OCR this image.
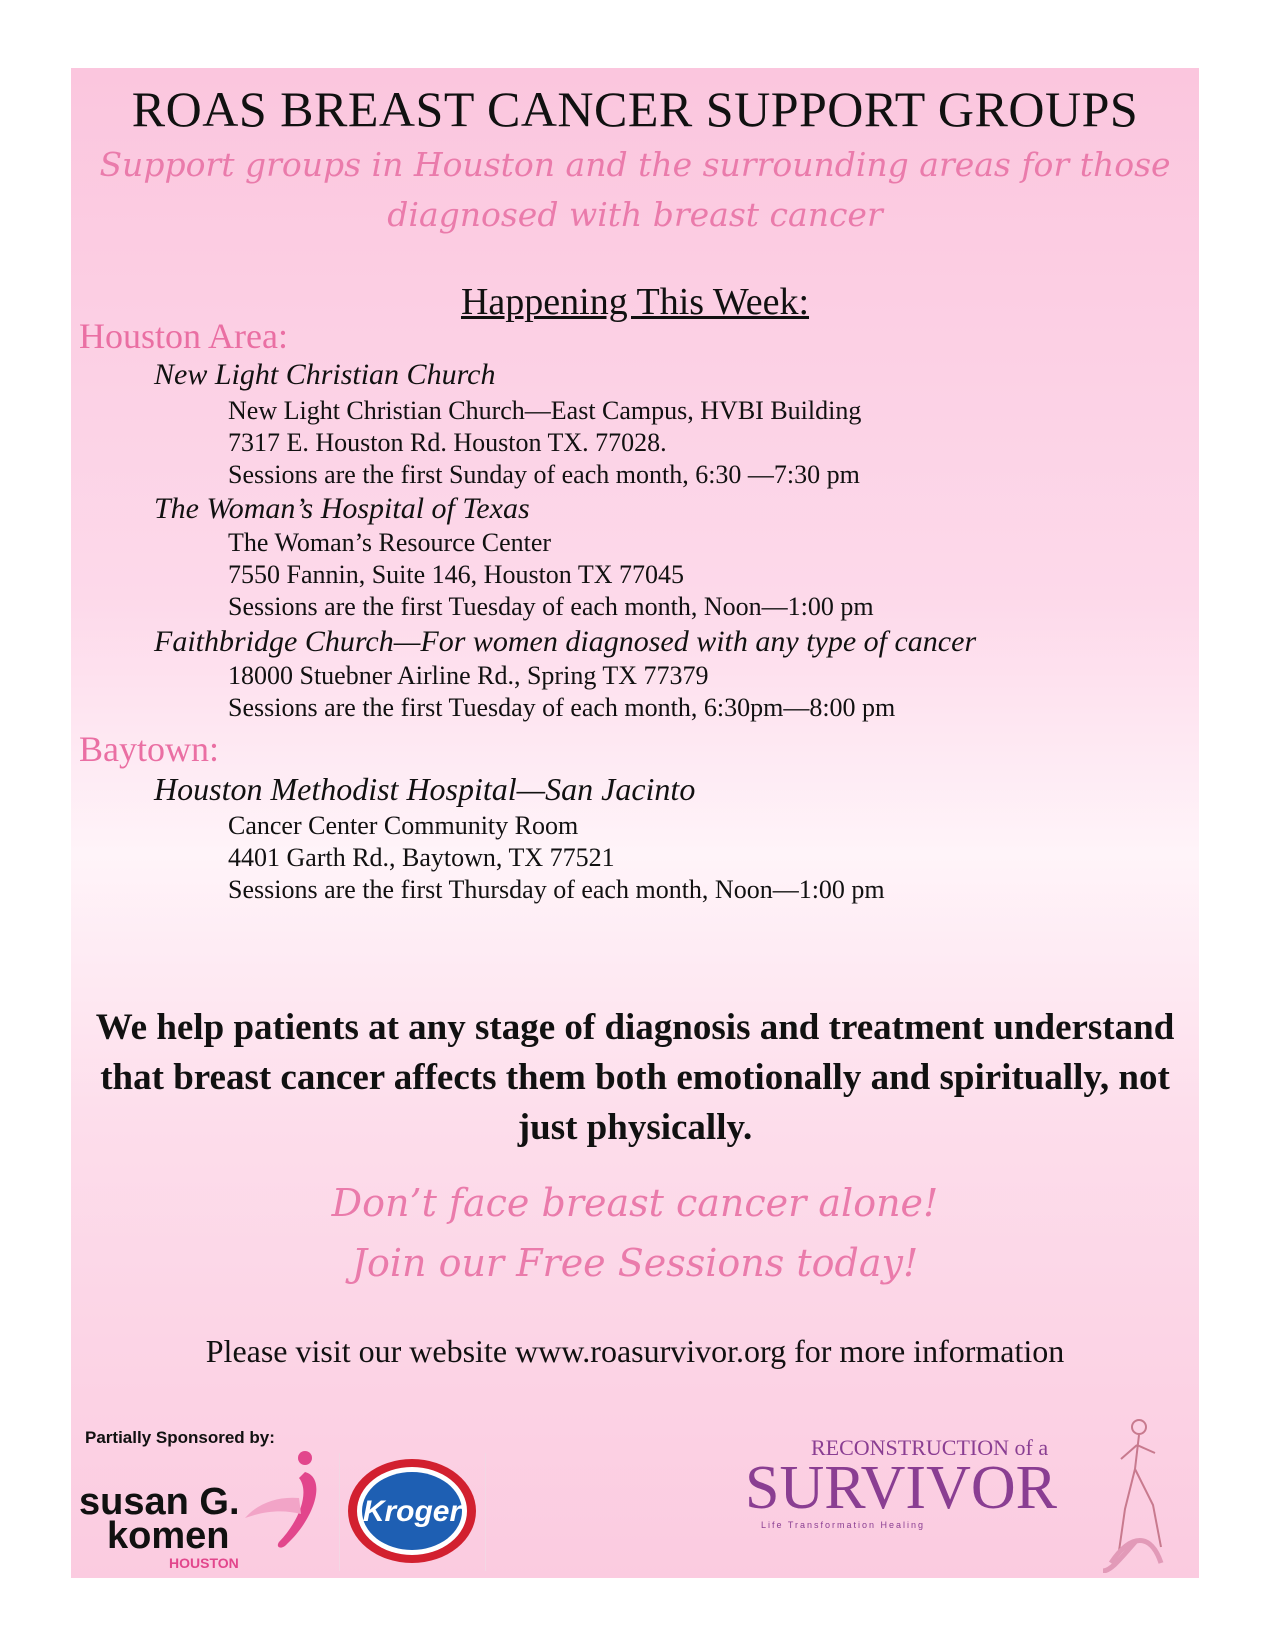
ROAS BREAST CANCER SUPPORT GROUPS
Support groups in Houston and the surrounding areas for those diagnosed with breast cancer
Happening This Week:
Houston Area:
New Light Christian Church
New Light Christian Church—East Campus, HVBI Building
7317 E. Houston Rd. Houston TX. 77028.
Sessions are the first Sunday of each month, 6:30 —7:30 pm
The Woman’s Hospital of Texas
The Woman’s Resource Center
7550 Fannin, Suite 146, Houston TX 77045
Sessions are the first Tuesday of each month, Noon—1:00 pm
Faithbridge Church—For women diagnosed with any type of cancer
18000 Stuebner Airline Rd., Spring TX 77379
Sessions are the first Tuesday of each month, 6:30pm—8:00 pm
Baytown:
Houston Methodist Hospital—San Jacinto
Cancer Center Community Room
4401 Garth Rd., Baytown, TX 77521
Sessions are the first Thursday of each month, Noon—1:00 pm
We help patients at any stage of diagnosis and treatment understand that breast cancer affects them both emotionally and spiritually, not just physically.
Don’t face breast cancer alone!
Join our Free Sessions today!
Please visit our website www.roasurvivor.org for more information
Partially Sponsored by:
susan G.
komen
HOUSTON
Kroger
RECONSTRUCTION of a
SURVIVOR
Life Transformation Healing
